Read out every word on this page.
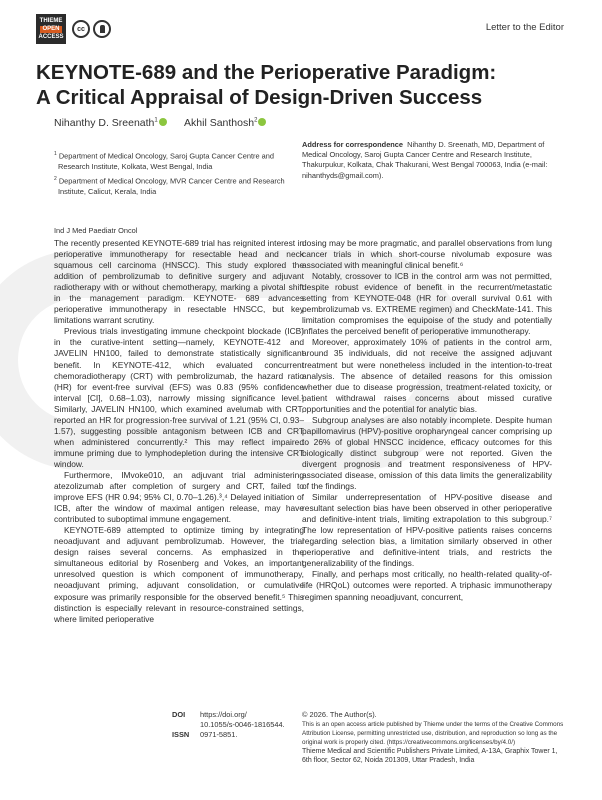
THIEME
OPEN
ACCESS
cc	Letter to the Editor
KEYNOTE-689 and the Perioperative Paradigm:
A Critical Appraisal of Design-Driven Success
Nihanthy D. Sreenath$^1$	Akhil Santhosh$^2$

$^1$ Department of Medical Oncology, Saroj Gupta Cancer Centre and Research Institute, Kolkata, West Bengal, India

$^2$ Department of Medical Oncology, MVR Cancer Centre and Research Institute, Calicut, Kerala, India

Ind J Med Paediatr Oncol
Address for correspondence Nihanthy D. Sreenath, MD, Department of Medical Oncology, Saroj Gupta Cancer Centre and Research Institute, Thakurpukur, Kolkata, Chak Thakurani, West Bengal 700063, India (e-mail: nihanthyds@gmail.com).

The recently presented KEYNOTE-689 trial has reignited interest in perioperative immunotherapy for resectable head and neck squamous cell carcinoma (HNSCC). This study explored the addition of pembrolizumab to definitive surgery and adjuvant radiotherapy with or without chemotherapy, marking a pivotal shift in the management paradigm. KEYNOTE- 689 advances perioperative immunotherapy in resectable HNSCC, but key limitations warrant scrutiny.

Previous trials investigating immune checkpoint blockade (ICB) in the curative-intent setting—namely, KEYNOTE-412 and JAVELIN HN100, failed to demonstrate statistically significant benefit. In KEYNOTE-412, which evaluated concurrent chemoradiotherapy (CRT) with pembrolizumab, the hazard ratio (HR) for event-free survival (EFS) was 0.83 (95% confidence interval [CI], 0.68–1.03), narrowly missing significance level.¹ Similarly, JAVELIN HN100, which examined avelumab with CRT, reported an HR for progression-free survival of 1.21 (95% CI, 0.93–1.57), suggesting possible antagonism between ICB and CRT when administered concurrently.² This may reflect impaired immune priming due to lymphodepletion during the intensive CRT window.

Furthermore, IMvoke010, an adjuvant trial administering atezolizumab after completion of surgery and CRT, failed to improve EFS (HR 0.94; 95% CI, 0.70–1.26).³,⁴ Delayed initiation of ICB, after the window of maximal antigen release, may have contributed to suboptimal immune engagement.

KEYNOTE-689 attempted to optimize timing by integrating neoadjuvant and adjuvant pembrolizumab. However, the trial design raises several concerns. As emphasized in the simultaneous editorial by Rosenberg and Vokes, an important unresolved question is which component of immunotherapy, neoadjuvant priming, adjuvant consolidation, or cumulative exposure was primarily responsible for the observed benefit.⁵ This distinction is especially relevant in resource-constrained settings, where limited perioperative

dosing may be more pragmatic, and parallel observations from lung cancer trials in which short-course nivolumab exposure was associated with meaningful clinical benefit.⁶

Notably, crossover to ICB in the control arm was not permitted, despite robust evidence of benefit in the recurrent/metastatic setting from KEYNOTE-048 (HR for overall survival 0.61 with pembrolizumab vs. EXTREME regimen) and CheckMate-141. This limitation compromises the equipoise of the study and potentially inflates the perceived benefit of perioperative immunotherapy.

Moreover, approximately 10% of patients in the control arm, around 35 individuals, did not receive the assigned adjuvant treatment but were nonetheless included in the intention-to-treat analysis. The absence of detailed reasons for this omission whether due to disease progression, treatment-related toxicity, or patient withdrawal raises concerns about missed curative opportunities and the potential for analytic bias.

Subgroup analyses are also notably incomplete. Despite human papillomavirus (HPV)-positive oropharyngeal cancer comprising up to 26% of global HNSCC incidence, efficacy outcomes for this biologically distinct subgroup were not reported. Given the divergent prognosis and treatment responsiveness of HPV-associated disease, omission of this data limits the generalizability of the findings.

Similar underrepresentation of HPV-positive disease and resultant selection bias have been observed in other perioperative and definitive-intent trials, limiting extrapolation to this subgroup.⁷ The low representation of HPV-positive patients raises concerns regarding selection bias, a limitation similarly observed in other perioperative and definitive-intent trials, and restricts the generalizability of the findings.

Finally, and perhaps most critically, no health-related quality-of-life (HRQoL) outcomes were reported. A triphasic immunotherapy regimen spanning neoadjuvant, concurrent,

DOI https://doi.org/
10.1055/s-0046-1816544.
ISSN 0971-5851.
© 2026. The Author(s).
This is an open access article published by Thieme under the terms of the Creative Commons Attribution License, permitting unrestricted use, distribution, and reproduction so long as the original work is properly cited. (https://creativecommons.org/licenses/by/4.0/)
Thieme Medical and Scientific Publishers Private Limited, A-13A, Graphix Tower 1, 6th floor, Sector 62, Noida 201309, Uttar Pradesh, India
